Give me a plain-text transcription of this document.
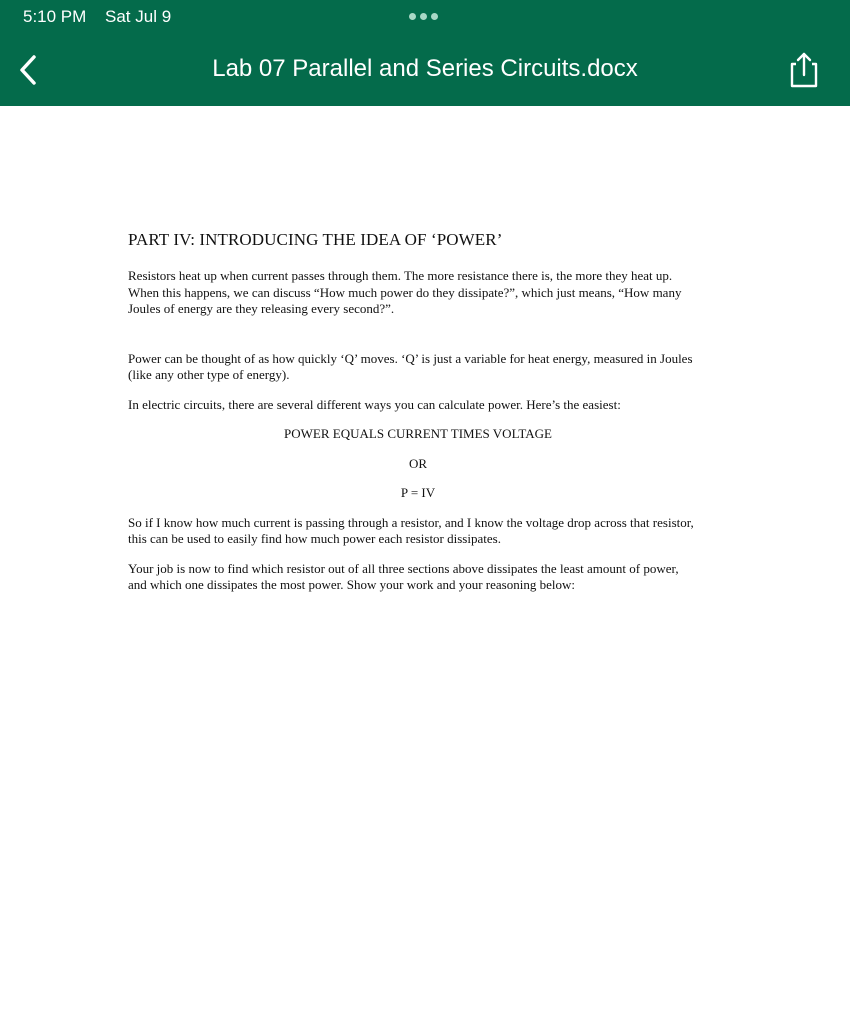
5:10 PM Sat Jul 9
Lab 07 Parallel and Series Circuits.docx
PART IV: INTRODUCING THE IDEA OF ‘POWER’

Resistors heat up when current passes through them. The more resistance there is, the more they heat up. When this happens, we can discuss “How much power do they dissipate?”, which just means, “How many Joules of energy are they releasing every second?”.

Power can be thought of as how quickly ‘Q’ moves. ‘Q’ is just a variable for heat energy, measured in Joules (like any other type of energy).

In electric circuits, there are several different ways you can calculate power. Here’s the easiest:

POWER EQUALS CURRENT TIMES VOLTAGE

OR

P = IV

So if I know how much current is passing through a resistor, and I know the voltage drop across that resistor, this can be used to easily find how much power each resistor dissipates.

Your job is now to find which resistor out of all three sections above dissipates the least amount of power, and which one dissipates the most power. Show your work and your reasoning below:
